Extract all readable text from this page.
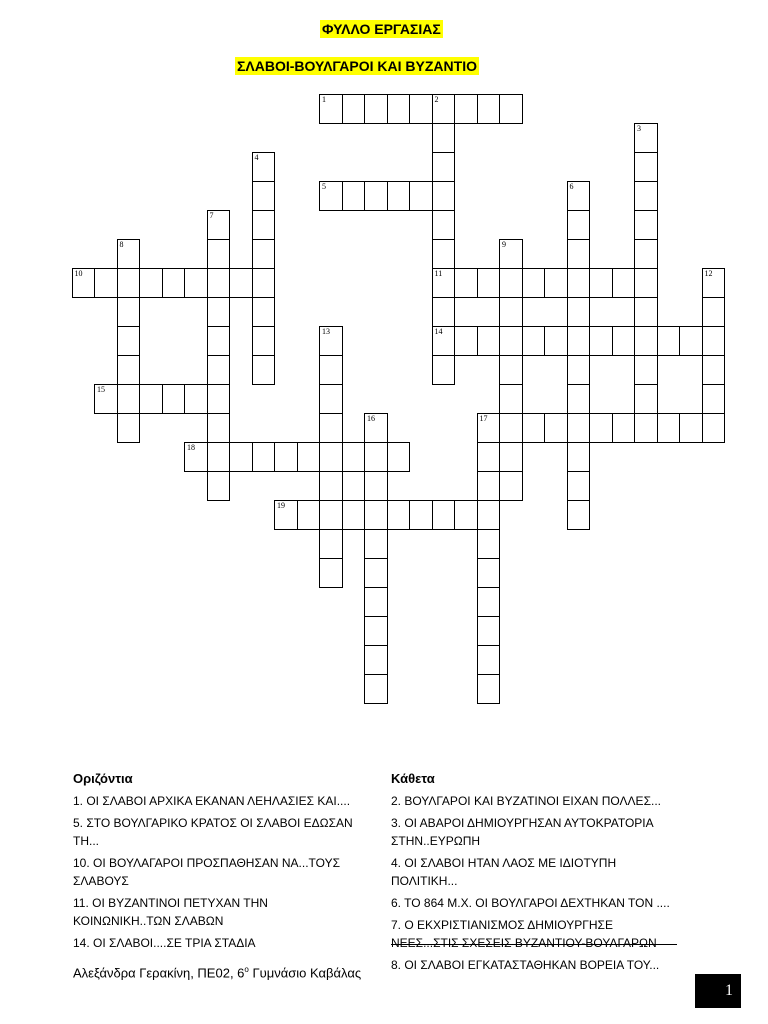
ΦΥΛΛΟ ΕΡΓΑΣΙΑΣ
ΣΛΑΒΟΙ-ΒΟΥΛΓΑΡΟΙ ΚΑΙ ΒΥΖΑΝΤΙΟ
1	2
11
14
3
4
5	6
7
8	9
10	12
13
15
16	17
18
19
Οριζόντια
1. ΟΙ ΣΛΑΒΟΙ ΑΡΧΙΚΑ ΕΚΑΝΑΝ ΛΕΗΛΑΣΙΕΣ ΚΑΙ....
5. ΣΤΟ ΒΟΥΛΓΑΡΙΚΟ ΚΡΑΤΟΣ ΟΙ ΣΛΑΒΟΙ ΕΔΩΣΑΝ ΤΗ...
10. ΟΙ ΒΟΥΛΑΓΑΡΟΙ ΠΡΟΣΠΑΘΗΣΑΝ ΝΑ...ΤΟΥΣ ΣΛΑΒΟΥΣ
11. ΟΙ ΒΥΖΑΝΤΙΝΟΙ ΠΕΤΥΧΑΝ ΤΗΝ ΚΟΙΝΩΝΙΚΗ..ΤΩΝ ΣΛΑΒΩΝ
14. ΟΙ ΣΛΑΒΟΙ....ΣΕ ΤΡΙΑ ΣΤΑΔΙΑ
Κάθετα
2. ΒΟΥΛΓΑΡΟΙ ΚΑΙ ΒΥΖΑΤΙΝΟΙ ΕΙΧΑΝ ΠΟΛΛΕΣ...
3. ΟΙ ΑΒΑΡΟΙ ΔΗΜΙΟΥΡΓΗΣΑΝ ΑΥΤΟΚΡΑΤΟΡΙΑ ΣΤΗΝ..ΕΥΡΩΠΗ
4. ΟΙ ΣΛΑΒΟΙ ΗΤΑΝ ΛΑΟΣ ΜΕ ΙΔΙΟΤΥΠΗ ΠΟΛΙΤΙΚΗ...
6. ΤΟ 864 Μ.Χ. ΟΙ ΒΟΥΛΓΑΡΟΙ ΔΕΧΤΗΚΑΝ ΤΟΝ ....
7. Ο ΕΚΧΡΙΣΤΙΑΝΙΣΜΟΣ ΔΗΜΙΟΥΡΓΗΣΕ ΝΕΕΣ...ΣΤΙΣ ΣΧΕΣΕΙΣ ΒΥΖΑΝΤΙΟΥ-ΒΟΥΛΓΑΡΩΝ
8. ΟΙ ΣΛΑΒΟΙ ΕΓΚΑΤΑΣΤΑΘΗΚΑΝ ΒΟΡΕΙΑ ΤΟΥ...
Αλεξάνδρα Γερακίνη, ΠΕ02, $6^o$ Γυμνάσιο Καβάλας
1
